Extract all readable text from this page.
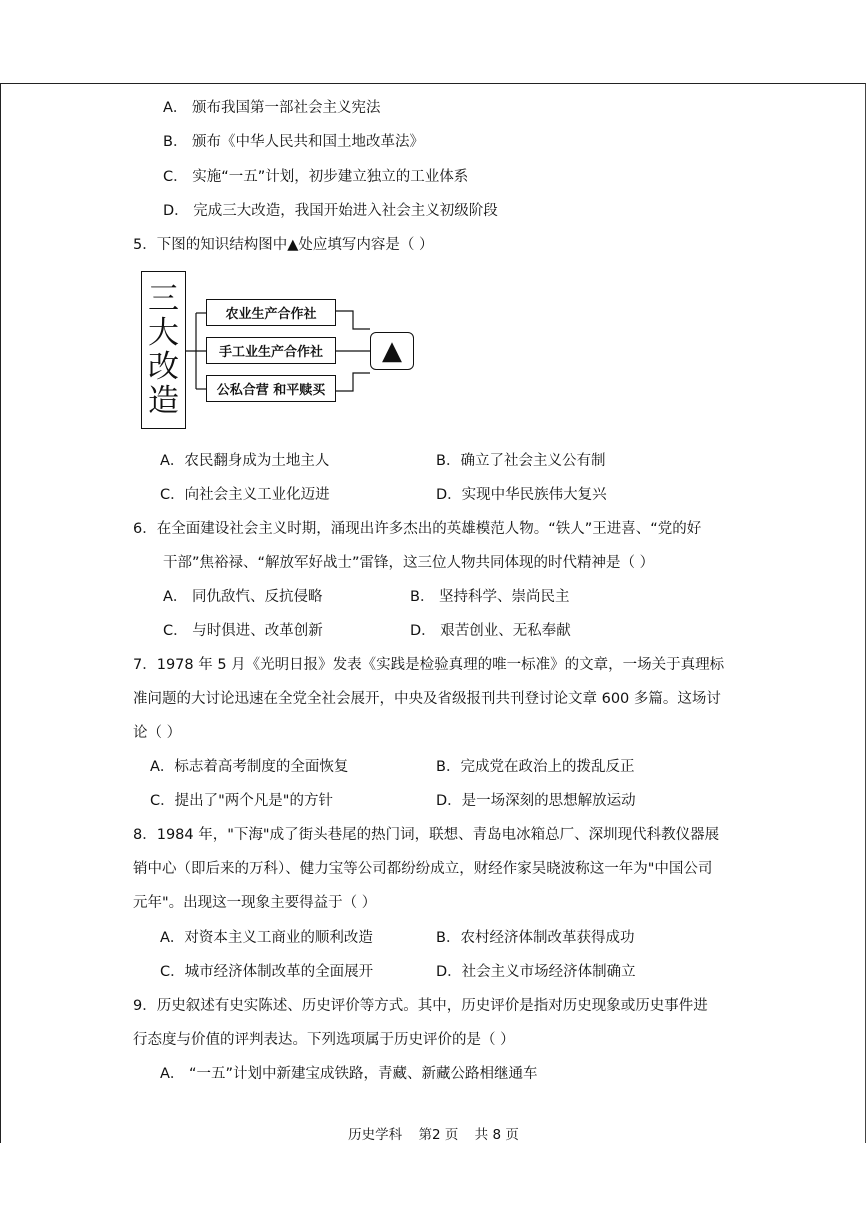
A． 颁布我国第一部社会主义宪法
B． 颁布《中华人民共和国土地改革法》
C． 实施“一五”计划，初步建立独立的工业体系
D． 完成三大改造，我国开始进入社会主义初级阶段
5．下图的知识结构图中▲处应填写内容是（ ）
三
大
改
造
农业生产合作社
手工业生产合作社
公私合营 和平赎买
▲
A．农民翻身成为土地主人	B．确立了社会主义公有制
C．向社会主义工业化迈进	D．实现中华民族伟大复兴
6．在全面建设社会主义时期，涌现出许多杰出的英雄模范人物。“铁人”王进喜、“党的好
干部”焦裕禄、“解放军好战士”雷锋，这三位人物共同体现的时代精神是（ ）
A． 同仇敌忾、反抗侵略	B． 坚持科学、崇尚民主
C． 与时俱进、改革创新	D． 艰苦创业、无私奉献
7．1978 年 5 月《光明日报》发表《实践是检验真理的唯一标准》的文章，一场关于真理标
准问题的大讨论迅速在全党全社会展开，中央及省级报刊共刊登讨论文章 600 多篇。这场讨
论（ ）
A．标志着高考制度的全面恢复	B．完成党在政治上的拨乱反正
C．提出了"两个凡是"的方针	D．是一场深刻的思想解放运动
8．1984 年，"下海"成了街头巷尾的热门词，联想、青岛电冰箱总厂、深圳现代科教仪器展
销中心（即后来的万科）、健力宝等公司都纷纷成立，财经作家吴晓波称这一年为"中国公司
元年"。出现这一现象主要得益于（ ）
A．对资本主义工商业的顺利改造	B．农村经济体制改革获得成功
C．城市经济体制改革的全面展开	D．社会主义市场经济体制确立
9．历史叙述有史实陈述、历史评价等方式。其中，历史评价是指对历史现象或历史事件进
行态度与价值的评判表达。下列选项属于历史评价的是（ ）
A． “一五”计划中新建宝成铁路，青藏、新藏公路相继通车
历史学科 第2 页 共 8 页
